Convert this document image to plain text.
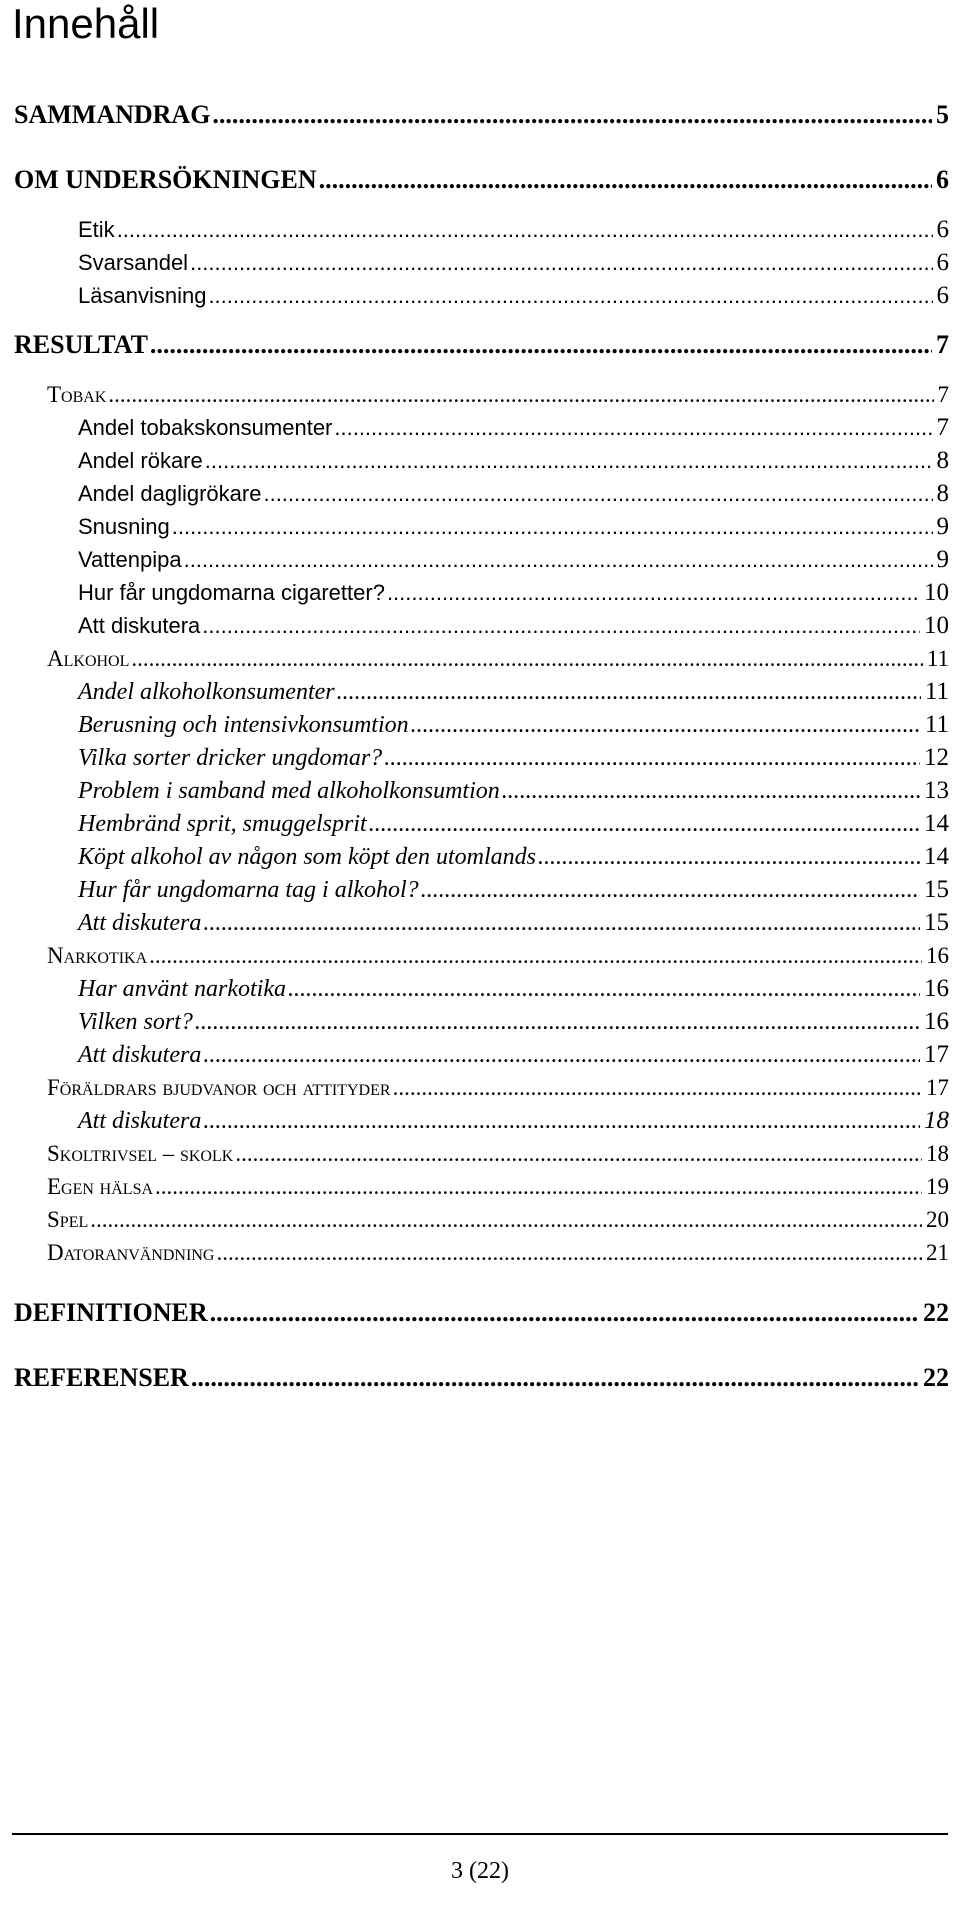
Innehåll
SAMMANDRAG .....	5
OM UNDERSÖKNINGEN .....	6
Etik .....	6
Svarsandel .....	6
Läsanvisning .....	6
RESULTAT .....	7
Tobak .....	7
Andel tobakskonsumenter .....	7
Andel rökare .....	8
Andel dagligrökare .....	8
Snusning .....	9
Vattenpipa .....	9
Hur får ungdomarna cigaretter? .....	10
Att diskutera .....	10
Alkohol .....	11
Andel alkoholkonsumenter .....	11
Berusning och intensivkonsumtion .....	11
Vilka sorter dricker ungdomar? .....	12
Problem i samband med alkoholkonsumtion .....	13
Hembränd sprit, smuggelsprit .....	14
Köpt alkohol av någon som köpt den utomlands .....	14
Hur får ungdomarna tag i alkohol? .....	15
Att diskutera .....	15
Narkotika .....	16
Har använt narkotika .....	16
Vilken sort? .....	16
Att diskutera .....	17
Föräldrars bjudvanor och attityder .....	17
Att diskutera .....	18
Skoltrivsel – skolk .....	18
Egen hälsa .....	19
Spel .....	20
Datoranvändning .....	21
DEFINITIONER .....	22
REFERENSER .....	22
3 (22)
